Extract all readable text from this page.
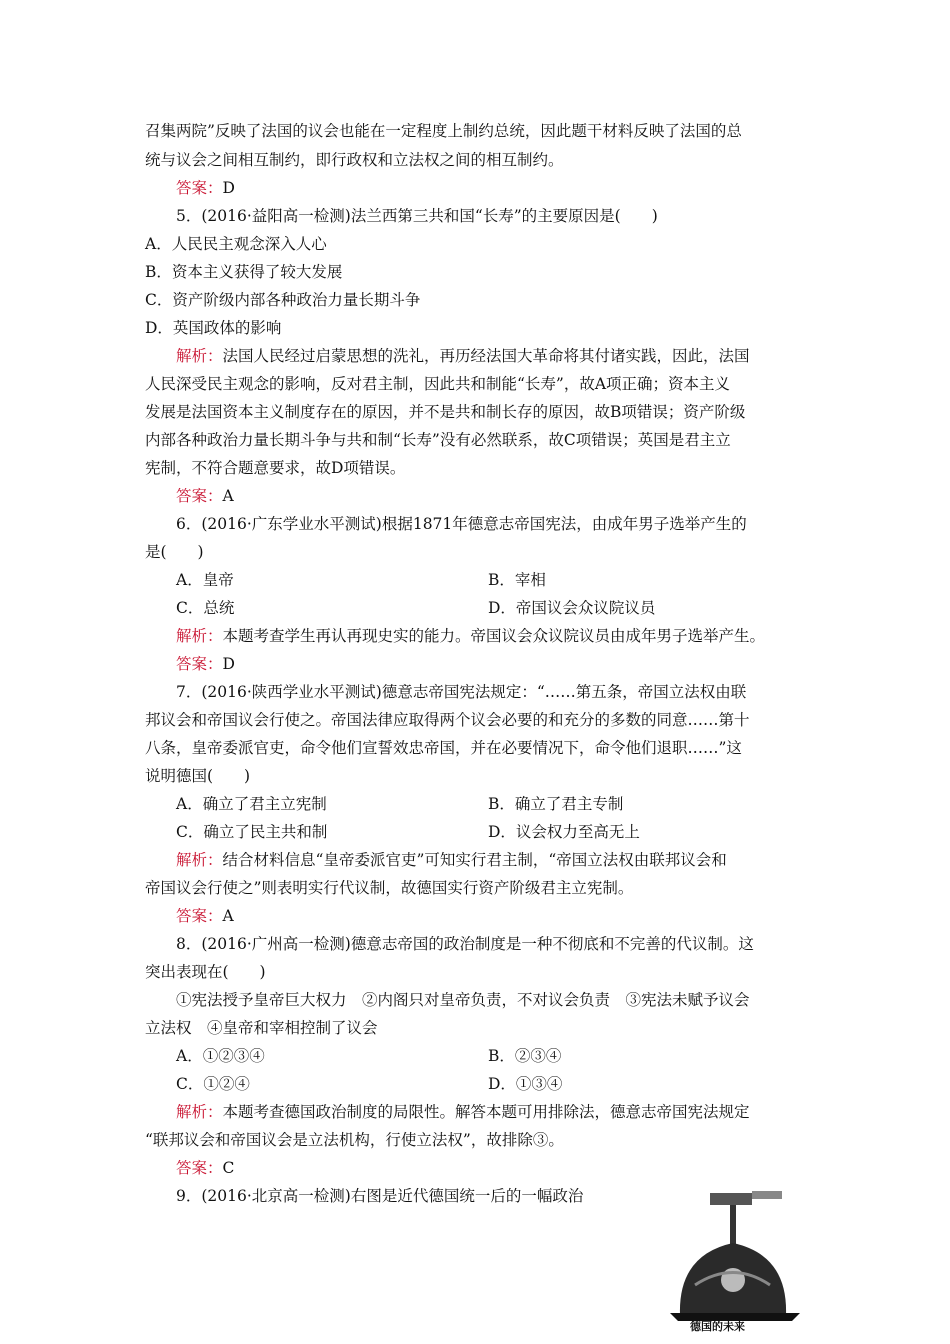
召集两院”反映了法国的议会也能在一定程度上制约总统，因此题干材料反映了法国的总
统与议会之间相互制约，即行政权和立法权之间的相互制约。
答案：D
5．(2016·益阳高一检测)法兰西第三共和国“长寿”的主要原因是(　　)
A．人民民主观念深入人心
B．资本主义获得了较大发展
C．资产阶级内部各种政治力量长期斗争
D．英国政体的影响
解析：法国人民经过启蒙思想的洗礼，再历经法国大革命将其付诸实践，因此，法国
人民深受民主观念的影响，反对君主制，因此共和制能“长寿”，故A项正确；资本主义
发展是法国资本主义制度存在的原因，并不是共和制长存的原因，故B项错误；资产阶级
内部各种政治力量长期斗争与共和制“长寿”没有必然联系，故C项错误；英国是君主立
宪制，不符合题意要求，故D项错误。
答案：A
6．(2016·广东学业水平测试)根据1871年德意志帝国宪法，由成年男子选举产生的
是(　　)
A．皇帝	B．宰相
C．总统	D．帝国议会众议院议员
解析：本题考查学生再认再现史实的能力。帝国议会众议院议员由成年男子选举产生。
答案：D
7．(2016·陕西学业水平测试)德意志帝国宪法规定：“……第五条，帝国立法权由联
邦议会和帝国议会行使之。帝国法律应取得两个议会必要的和充分的多数的同意……第十
八条，皇帝委派官吏，命令他们宣誓效忠帝国，并在必要情况下，命令他们退职……”这
说明德国(　　)
A．确立了君主立宪制	B．确立了君主专制
C．确立了民主共和制	D．议会权力至高无上
解析：结合材料信息“皇帝委派官吏”可知实行君主制，“帝国立法权由联邦议会和
帝国议会行使之”则表明实行代议制，故德国实行资产阶级君主立宪制。
答案：A
8．(2016·广州高一检测)德意志帝国的政治制度是一种不彻底和不完善的代议制。这
突出表现在(　　)
①宪法授予皇帝巨大权力　②内阁只对皇帝负责，不对议会负责　③宪法未赋予议会
立法权　④皇帝和宰相控制了议会
A．①②③④	B．②③④
C．①②④	D．①③④
解析：本题考查德国政治制度的局限性。解答本题可用排除法，德意志帝国宪法规定
“联邦议会和帝国议会是立法机构，行使立法权”，故排除③。
答案：C
9．(2016·北京高一检测)右图是近代德国统一后的一幅政治
德国的未来
